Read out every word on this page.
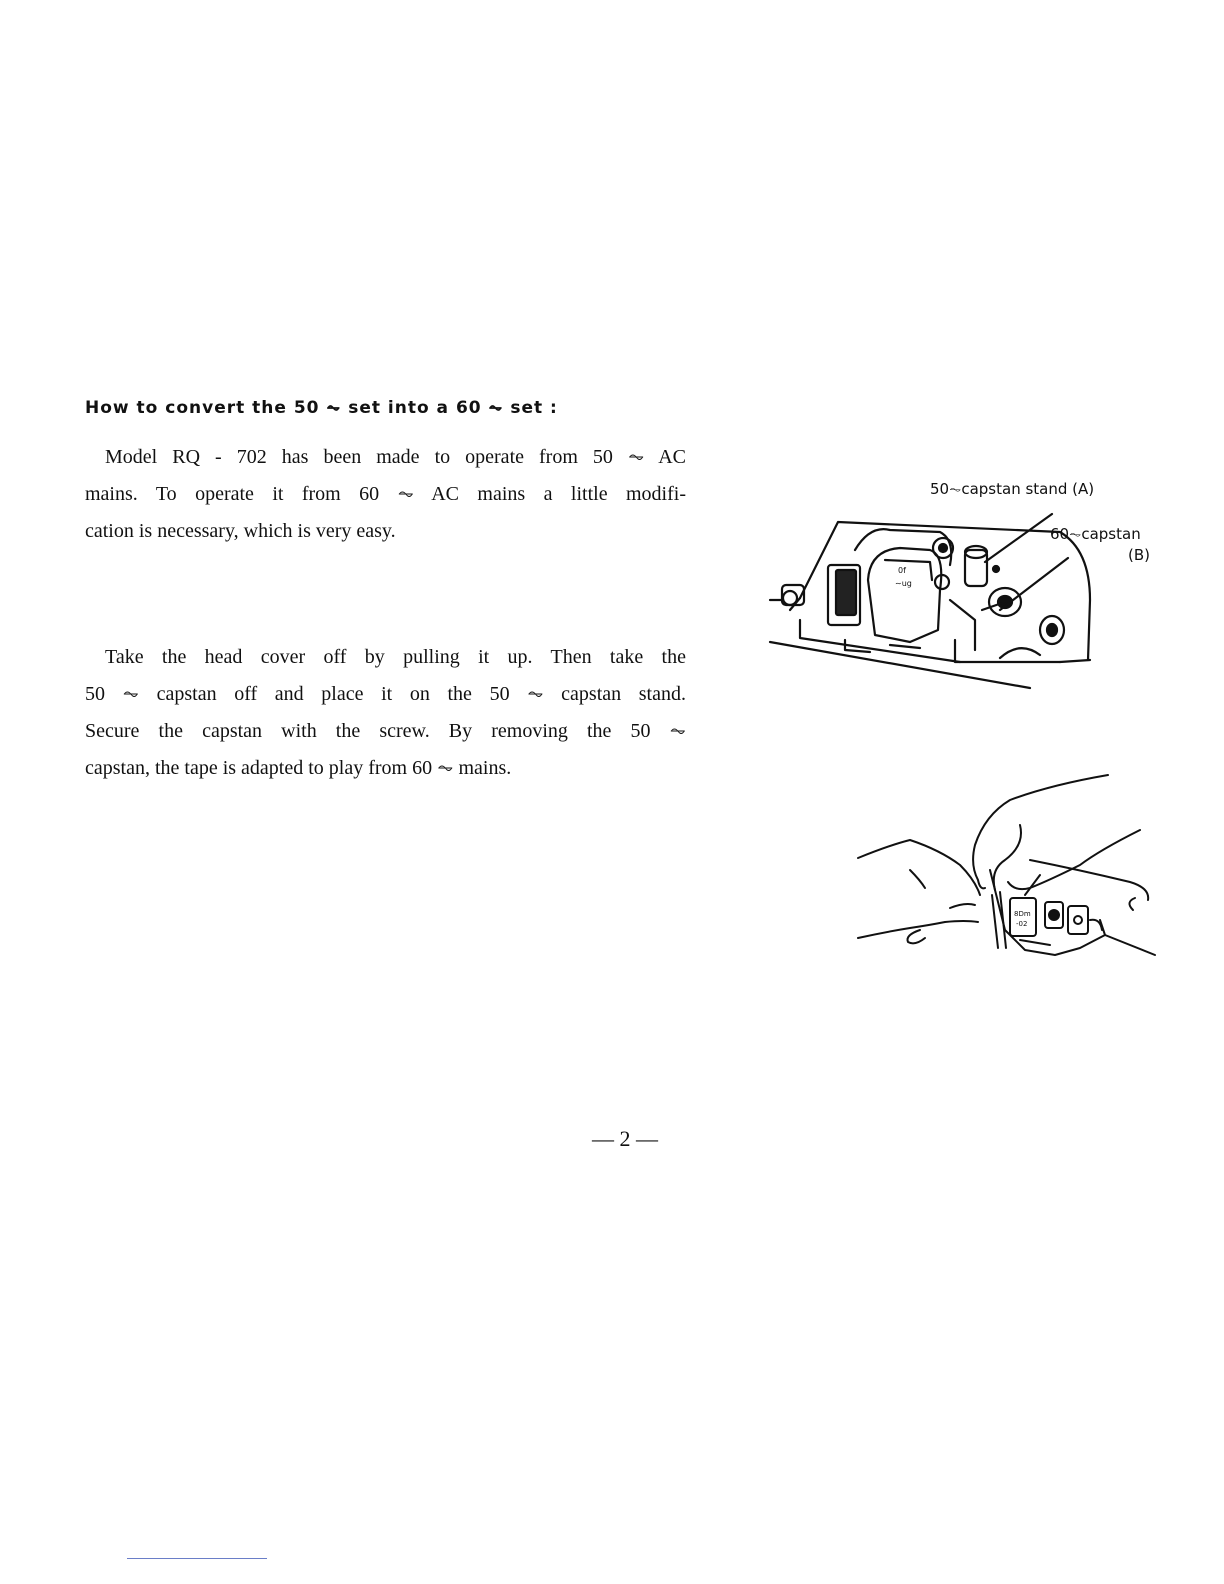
How to convert the 50 ⏦ set into a 60 ⏦ set :
Model RQ - 702 has been made to operate from 50 ⏦ AC
mains. To operate it from 60 ⏦ AC mains a little modifi-
cation is necessary, which is very easy.
Take the head cover off by pulling it up. Then take the
50 ⏦ capstan off and place it on the 50 ⏦ capstan stand.
Secure the capstan with the screw. By removing the 50 ⏦
capstan, the tape is adapted to play from 60 ⏦ mains.
50⏦capstan stand (A)
60⏦capstan
(B)
0f
∼ug
8Dm
-02
— 2 —
